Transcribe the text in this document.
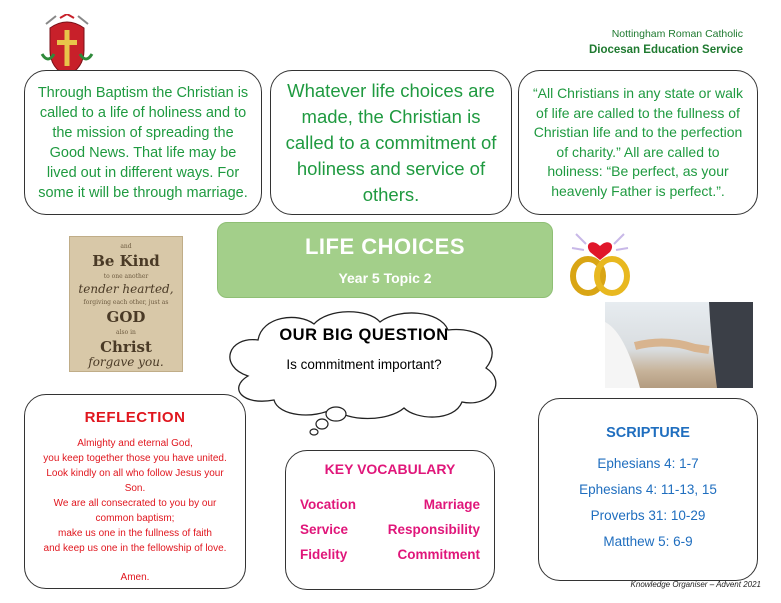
Nottingham Roman Catholic
Diocesan Education Service
Through Baptism the Christian is called to a life of holiness and to the mission of spreading the Good News. That life may be lived out in different ways. For some it will be through marriage.
Whatever life choices are made, the Christian is called to a commitment of holiness and service of others.
“All Christians in any state or walk of life are called to the fullness of Christian life and to the perfection of charity.” All are called to holiness: “Be perfect, as your heavenly Father is perfect.”.
and
Be Kind
to one another
tender hearted,
forgiving each other, just as
GOD
also in
Christ
forgave you.
LIFE CHOICES
Year 5 Topic 2
OUR BIG QUESTION
Is commitment important?
REFLECTION
Almighty and eternal God,
you keep together those you have united.
Look kindly on all who follow Jesus your Son.
We are all consecrated to you by our
common baptism;
make us one in the fullness of faith
and keep us one in the fellowship of love.
Amen.
KEY VOCABULARY
Vocation	Marriage
Service	Responsibility
Fidelity	Commitment
SCRIPTURE
Ephesians 4: 1-7
Ephesians 4: 11-13, 15
Proverbs 31: 10-29
Matthew 5: 6-9
Knowledge Organiser – Advent 2021
